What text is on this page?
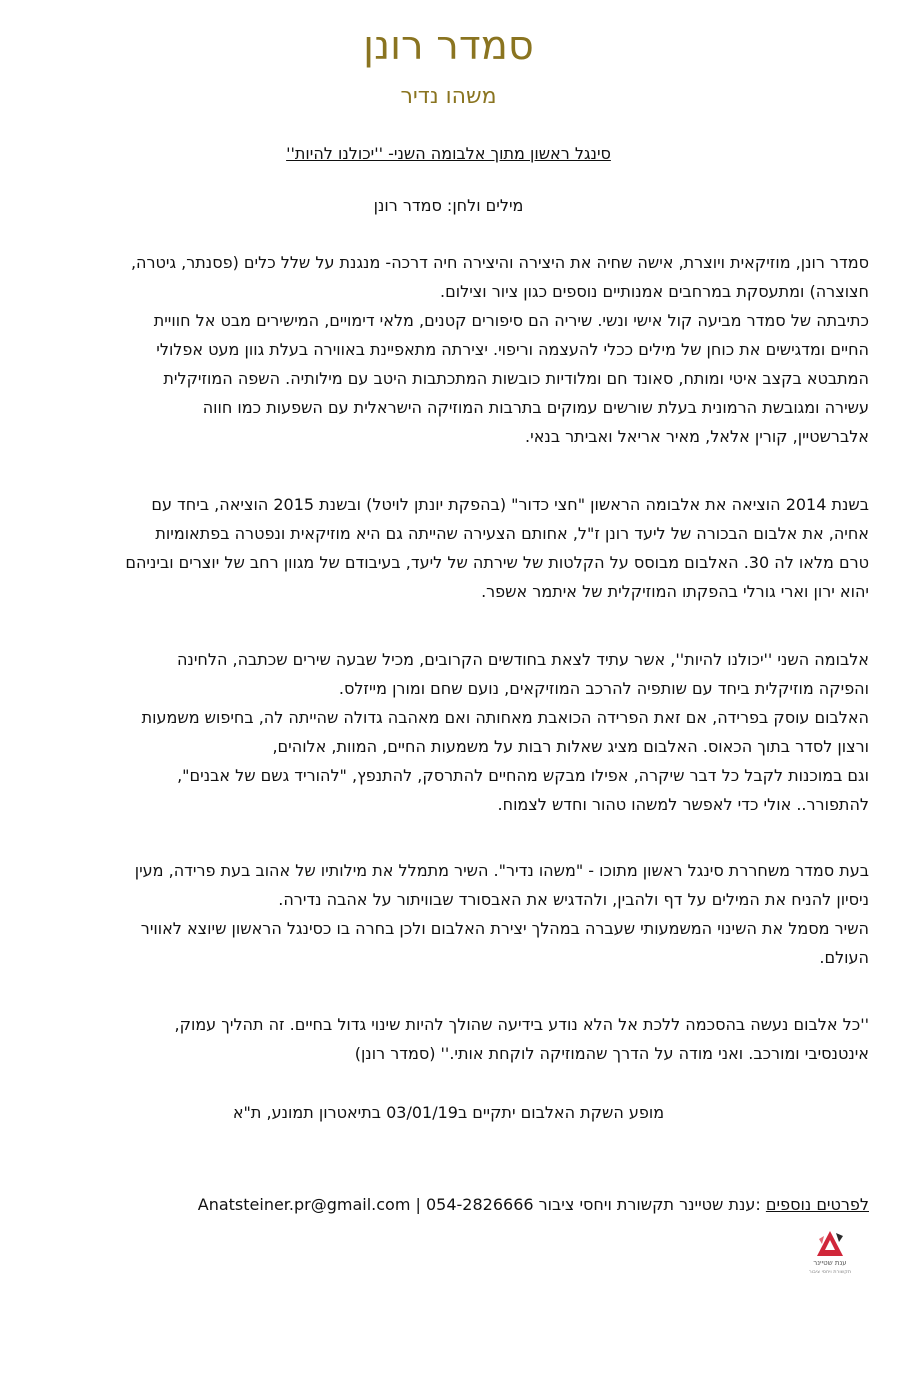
סמדר רונן
משהו נדיר
סינגל ראשון מתוך אלבומה השני- ''יכולנו להיות''
מילים ולחן: סמדר רונן
סמדר רונן, מוזיקאית ויוצרת, אישה שחיה את היצירה והיצירה חיה דרכה- מנגנת על שלל כלים (פסנתר, גיטרה,
חצוצרה) ומתעסקת במרחבים אמנותיים נוספים כגון ציור וצילום.
כתיבתה של סמדר מביעה קול אישי ונשי. שיריה הם סיפורים קטנים, מלאי דימויים, המישירים מבט אל חוויית
החיים ומדגישים את כוחן של מילים ככלי להעצמה וריפוי. יצירתה מתאפיינת באווירה בעלת גוון מעט אפלולי
המתבטא בקצב איטי ומותח, סאונד חם ומלודיות כובשות המתכתבות היטב עם מילותיה. השפה המוזיקלית
עשירה ומגובשת הרמונית בעלת שורשים עמוקים בתרבות המוזיקה הישראלית עם השפעות כמו חווה
אלברשטיין, קורין אלאל, מאיר אריאל ואביתר בנאי.
בשנת 2014 הוציאה את אלבומה הראשון "חצי כדור" (בהפקת יונתן לויטל) ובשנת 2015 הוציאה, ביחד עם
אחיה, את אלבום הבכורה של ליעד רונן ז"ל, אחותם הצעירה שהייתה גם היא מוזיקאית ונפטרה בפתאומיות
טרם מלאו לה 30. האלבום מבוסס על הקלטות של שירתה של ליעד, בעיבודם של מגוון רחב של יוצרים וביניהם
יהוא ירון וארי גורלי בהפקתו המוזיקלית של איתמר אשפר.
אלבומה השני ''יכולנו להיות'', אשר עתיד לצאת בחודשים הקרובים, מכיל שבעה שירים שכתבה, הלחינה
והפיקה מוזיקלית ביחד עם שותפיה להרכב המוזיקאים, נועם שחם ומורן מייזלס.
האלבום עוסק בפרידה, אם זאת הפרידה הכואבת מאחותה ואם מאהבה גדולה שהייתה לה, בחיפוש משמעות
ורצון לסדר בתוך הכאוס. האלבום מציג שאלות רבות על משמעות החיים, המוות, אלוהים,
וגם במוכנות לקבל כל דבר שיקרה, אפילו מבקש מהחיים להתרסק, להתנפץ, "להוריד גשם של אבנים",
להתפורר.. אולי כדי לאפשר למשהו טהור וחדש לצמוח.
בעת סמדר משחררת סינגל ראשון מתוכו - "משהו נדיר". השיר מתמלל את מילותיו של אהוב בעת פרידה, מעין
ניסיון להניח את המילים על דף ולהבין, ולהדגיש את האבסורד שבוויתור על אהבה נדירה.
השיר מסמל את השינוי המשמעותי שעברה במהלך יצירת האלבום ולכן בחרה בו כסינגל הראשון שיוצא לאוויר
העולם.
''כל אלבום נעשה בהסכמה ללכת אל הלא נודע בידיעה שהולך להיות שינוי גדול בחיים. זה תהליך עמוק,
אינטנסיבי ומורכב. ואני מודה על הדרך שהמוזיקה לוקחת אותי.'' (סמדר רונן)
מופע השקת האלבום יתקיים ב03/01/19 בתיאטרון תמונע, ת"א
לפרטים נוספים :ענת שטיינר תקשורת ויחסי ציבור 054-2826666 | Anatsteiner.pr@gmail.com
ענת שטיינר
תקשורת ויחסי ציבור
